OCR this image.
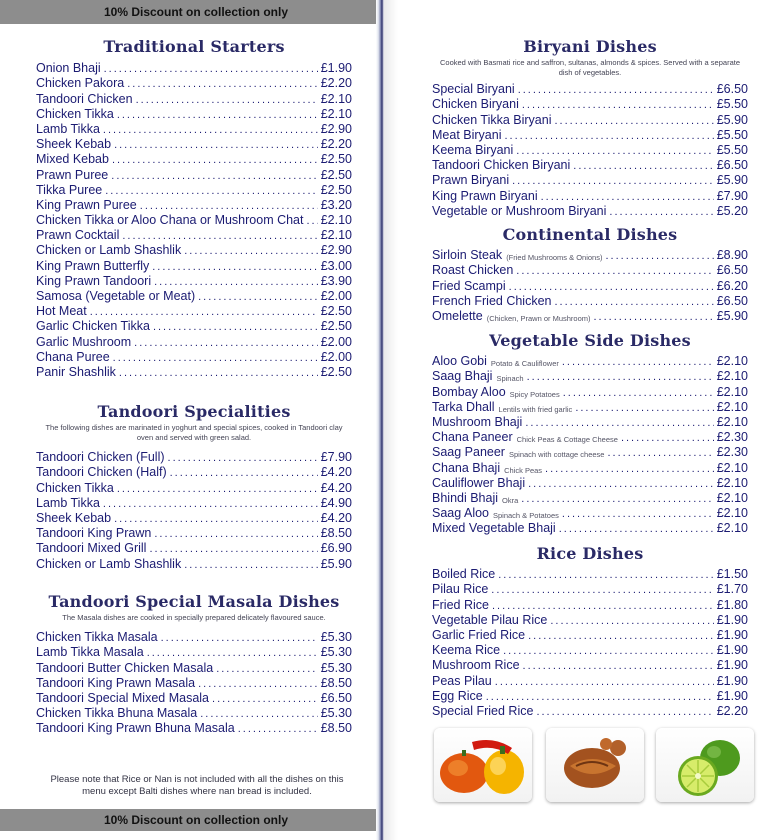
10% Discount on collection only
Traditional Starters
Onion Bhaji .....	£1.90
Chicken Pakora .....	£2.20
Tandoori Chicken .....	£2.10
Chicken Tikka .....	£2.10
Lamb Tikka .....	£2.90
Sheek Kebab .....	£2.20
Mixed Kebab .....	£2.50
Prawn Puree .....	£2.50
Tikka Puree .....	£2.50
King Prawn Puree .....	£3.20
Chicken Tikka or Aloo Chana or Mushroom Chat ..... £2.10
Prawn Cocktail .....	£2.10
Chicken or Lamb Shashlik .....	£2.90
King Prawn Butterfly .....	£3.00
King Prawn Tandoori .....	£3.90
Samosa (Vegetable or Meat) .....	£2.00
Hot Meat .....	£2.50
Garlic Chicken Tikka .....	£2.50
Garlic Mushroom .....	£2.00
Chana Puree .....	£2.00
Panir Shashlik .....	£2.50
Tandoori Specialities
The following dishes are marinated in yoghurt and special spices, cooked in Tandoori clay oven and served with green salad.
Tandoori Chicken (Full) .....	£7.90
Tandoori Chicken (Half) .....	£4.20
Chicken Tikka .....	£4.20
Lamb Tikka .....	£4.90
Sheek Kebab .....	£4.20
Tandoori King Prawn .....	£8.50
Tandoori Mixed Grill .....	£6.90
Chicken or Lamb Shashlik .....	£5.90
Tandoori Special Masala Dishes
The Masala dishes are cooked in specially prepared delicately flavoured sauce.
Chicken Tikka Masala .....	£5.30
Lamb Tikka Masala .....	£5.30
Tandoori Butter Chicken Masala .....	£5.30
Tandoori King Prawn Masala .....	£8.50
Tandoori Special Mixed Masala .....	£6.50
Chicken Tikka Bhuna Masala .....	£5.30
Tandoori King Prawn Bhuna Masala .....	£8.50
Please note that Rice or Nan is not included with all the dishes on this menu except Balti dishes where nan bread is included.
10% Discount on collection only
Biryani Dishes
Cooked with Basmati rice and saffron, sultanas, almonds & spices. Served with a separate dish of vegetables.
Special Biryani .....	£6.50
Chicken Biryani .....	£5.50
Chicken Tikka Biryani .....	£5.90
Meat Biryani .....	£5.50
Keema Biryani .....	£5.50
Tandoori Chicken Biryani .....	£6.50
Prawn Biryani .....	£5.90
King Prawn Biryani .....	£7.90
Vegetable or Mushroom Biryani .....	£5.20
Continental Dishes
Sirloin Steak (Fried Mushrooms & Onions) .....	£8.90
Roast Chicken .....	£6.50
Fried Scampi .....	£6.20
French Fried Chicken .....	£6.50
Omelette (Chicken, Prawn or Mushroom) .....	£5.90
Vegetable Side Dishes
Aloo Gobi Potato & Cauliflower .....	£2.10
Saag Bhaji Spinach .....	£2.10
Bombay Aloo Spicy Potatoes .....	£2.10
Tarka Dhall Lentils with fried garlic .....	£2.10
Mushroom Bhaji .....	£2.10
Chana Paneer Chick Peas & Cottage Cheese .....	£2.30
Saag Paneer Spinach with cottage cheese .....	£2.30
Chana Bhaji Chick Peas .....	£2.10
Cauliflower Bhaji .....	£2.10
Bhindi Bhaji Okra .....	£2.10
Saag Aloo Spinach & Potatoes .....	£2.10
Mixed Vegetable Bhaji .....	£2.10
Rice Dishes
Boiled Rice .....	£1.50
Pilau Rice .....	£1.70
Fried Rice .....	£1.80
Vegetable Pilau Rice .....	£1.90
Garlic Fried Rice .....	£1.90
Keema Rice .....	£1.90
Mushroom Rice .....	£1.90
Peas Pilau .....	£1.90
Egg Rice .....	£1.90
Special Fried Rice .....	£2.20
